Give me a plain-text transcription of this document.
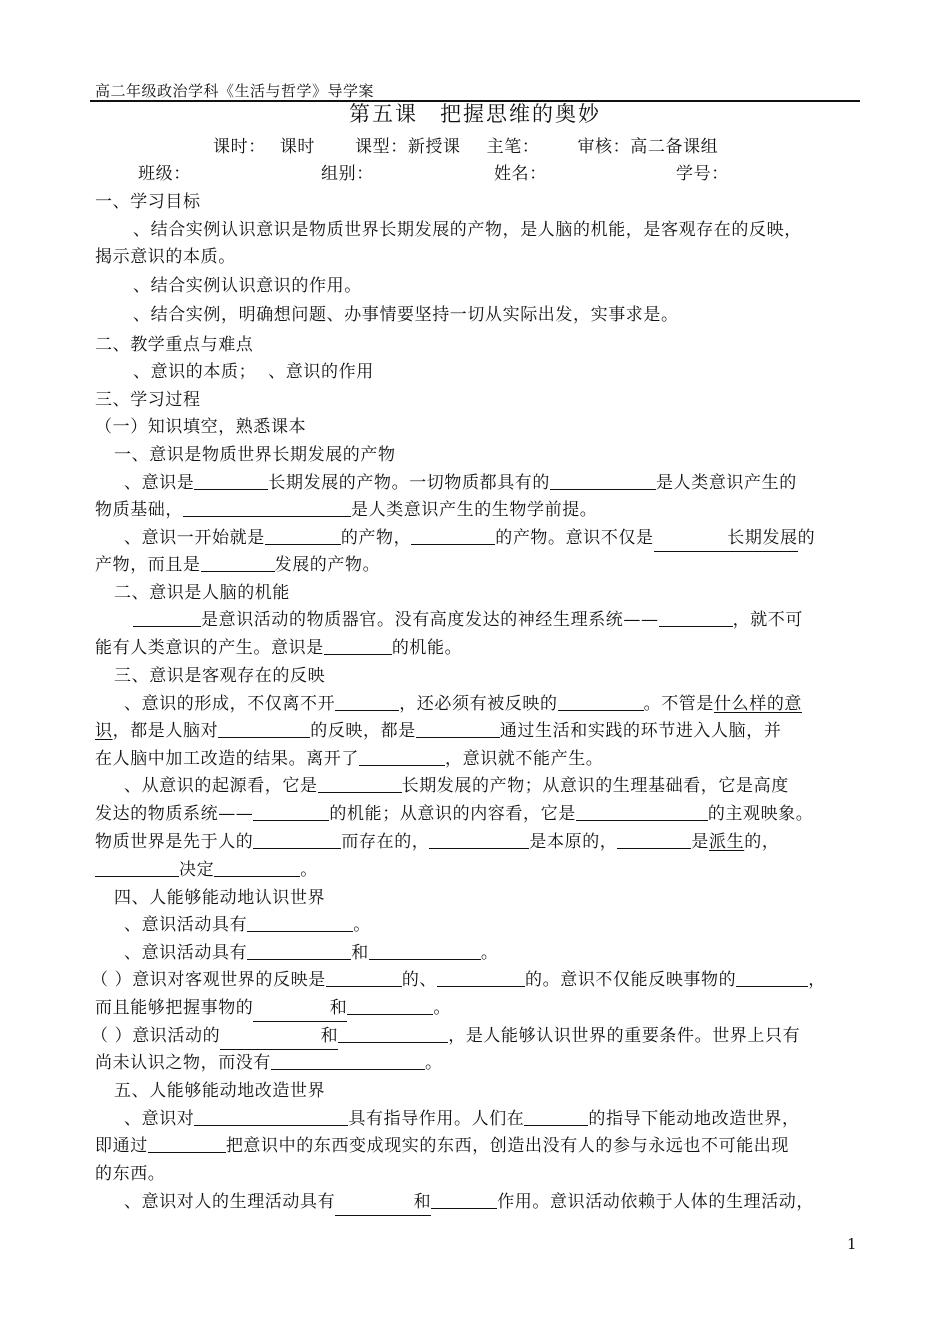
高二年级政治学科《生活与哲学》导学案
第五课 把握思维的奥妙
课时： 课时 课型：新授课 主笔： 审核：高二备课组
班级：	组别：	姓名：	学号：
一、学习目标
、结合实例认识意识是物质世界长期发展的产物，是人脑的机能，是客观存在的反映，
揭示意识的本质。
、结合实例认识意识的作用。
、结合实例，明确想问题、办事情要坚持一切从实际出发，实事求是。
二、教学重点与难点
、意识的本质； 、意识的作用
三、学习过程
（一）知识填空，熟悉课本
一、意识是物质世界长期发展的产物
、意识是	长期发展的产物。一切物质都具有的	是人类意识产生的
物质基础，	是人类意识产生的生物学前提。
、意识一开始就是	的产物，	的产物。意识不仅是	长期发展的
产物，而且是	发展的产物。
二、意识是人脑的机能
是意识活动的物质器官。没有高度发达的神经生理系统——	，就不可
能有人类意识的产生。意识是	的机能。
三、意识是客观存在的反映
、意识的形成，不仅离不开	，还必须有被反映的	。不管是什么样的意
识，都是人脑对	的反映，都是	通过生活和实践的环节进入人脑，并
在人脑中加工改造的结果。离开了	，意识就不能产生。
、从意识的起源看，它是	长期发展的产物；从意识的生理基础看，它是高度
发达的物质系统——	的机能；从意识的内容看，它是	的主观映象。
物质世界是先于人的	而存在的，	是本原的，	是派生的，
决定	。
四、人能够能动地认识世界
、意识活动具有	。
、意识活动具有	和	。
（ ）意识对客观世界的反映是	的、	的。意识不仅能反映事物的	，
而且能够把握事物的	和	。
（ ）意识活动的	和	，是人能够认识世界的重要条件。世界上只有
尚未认识之物，而没有	。
五、人能够能动地改造世界
、意识对	具有指导作用。人们在	的指导下能动地改造世界，
即通过	把意识中的东西变成现实的东西，创造出没有人的参与永远也不可能出现
的东西。
、意识对人的生理活动具有	和	作用。意识活动依赖于人体的生理活动，
1
